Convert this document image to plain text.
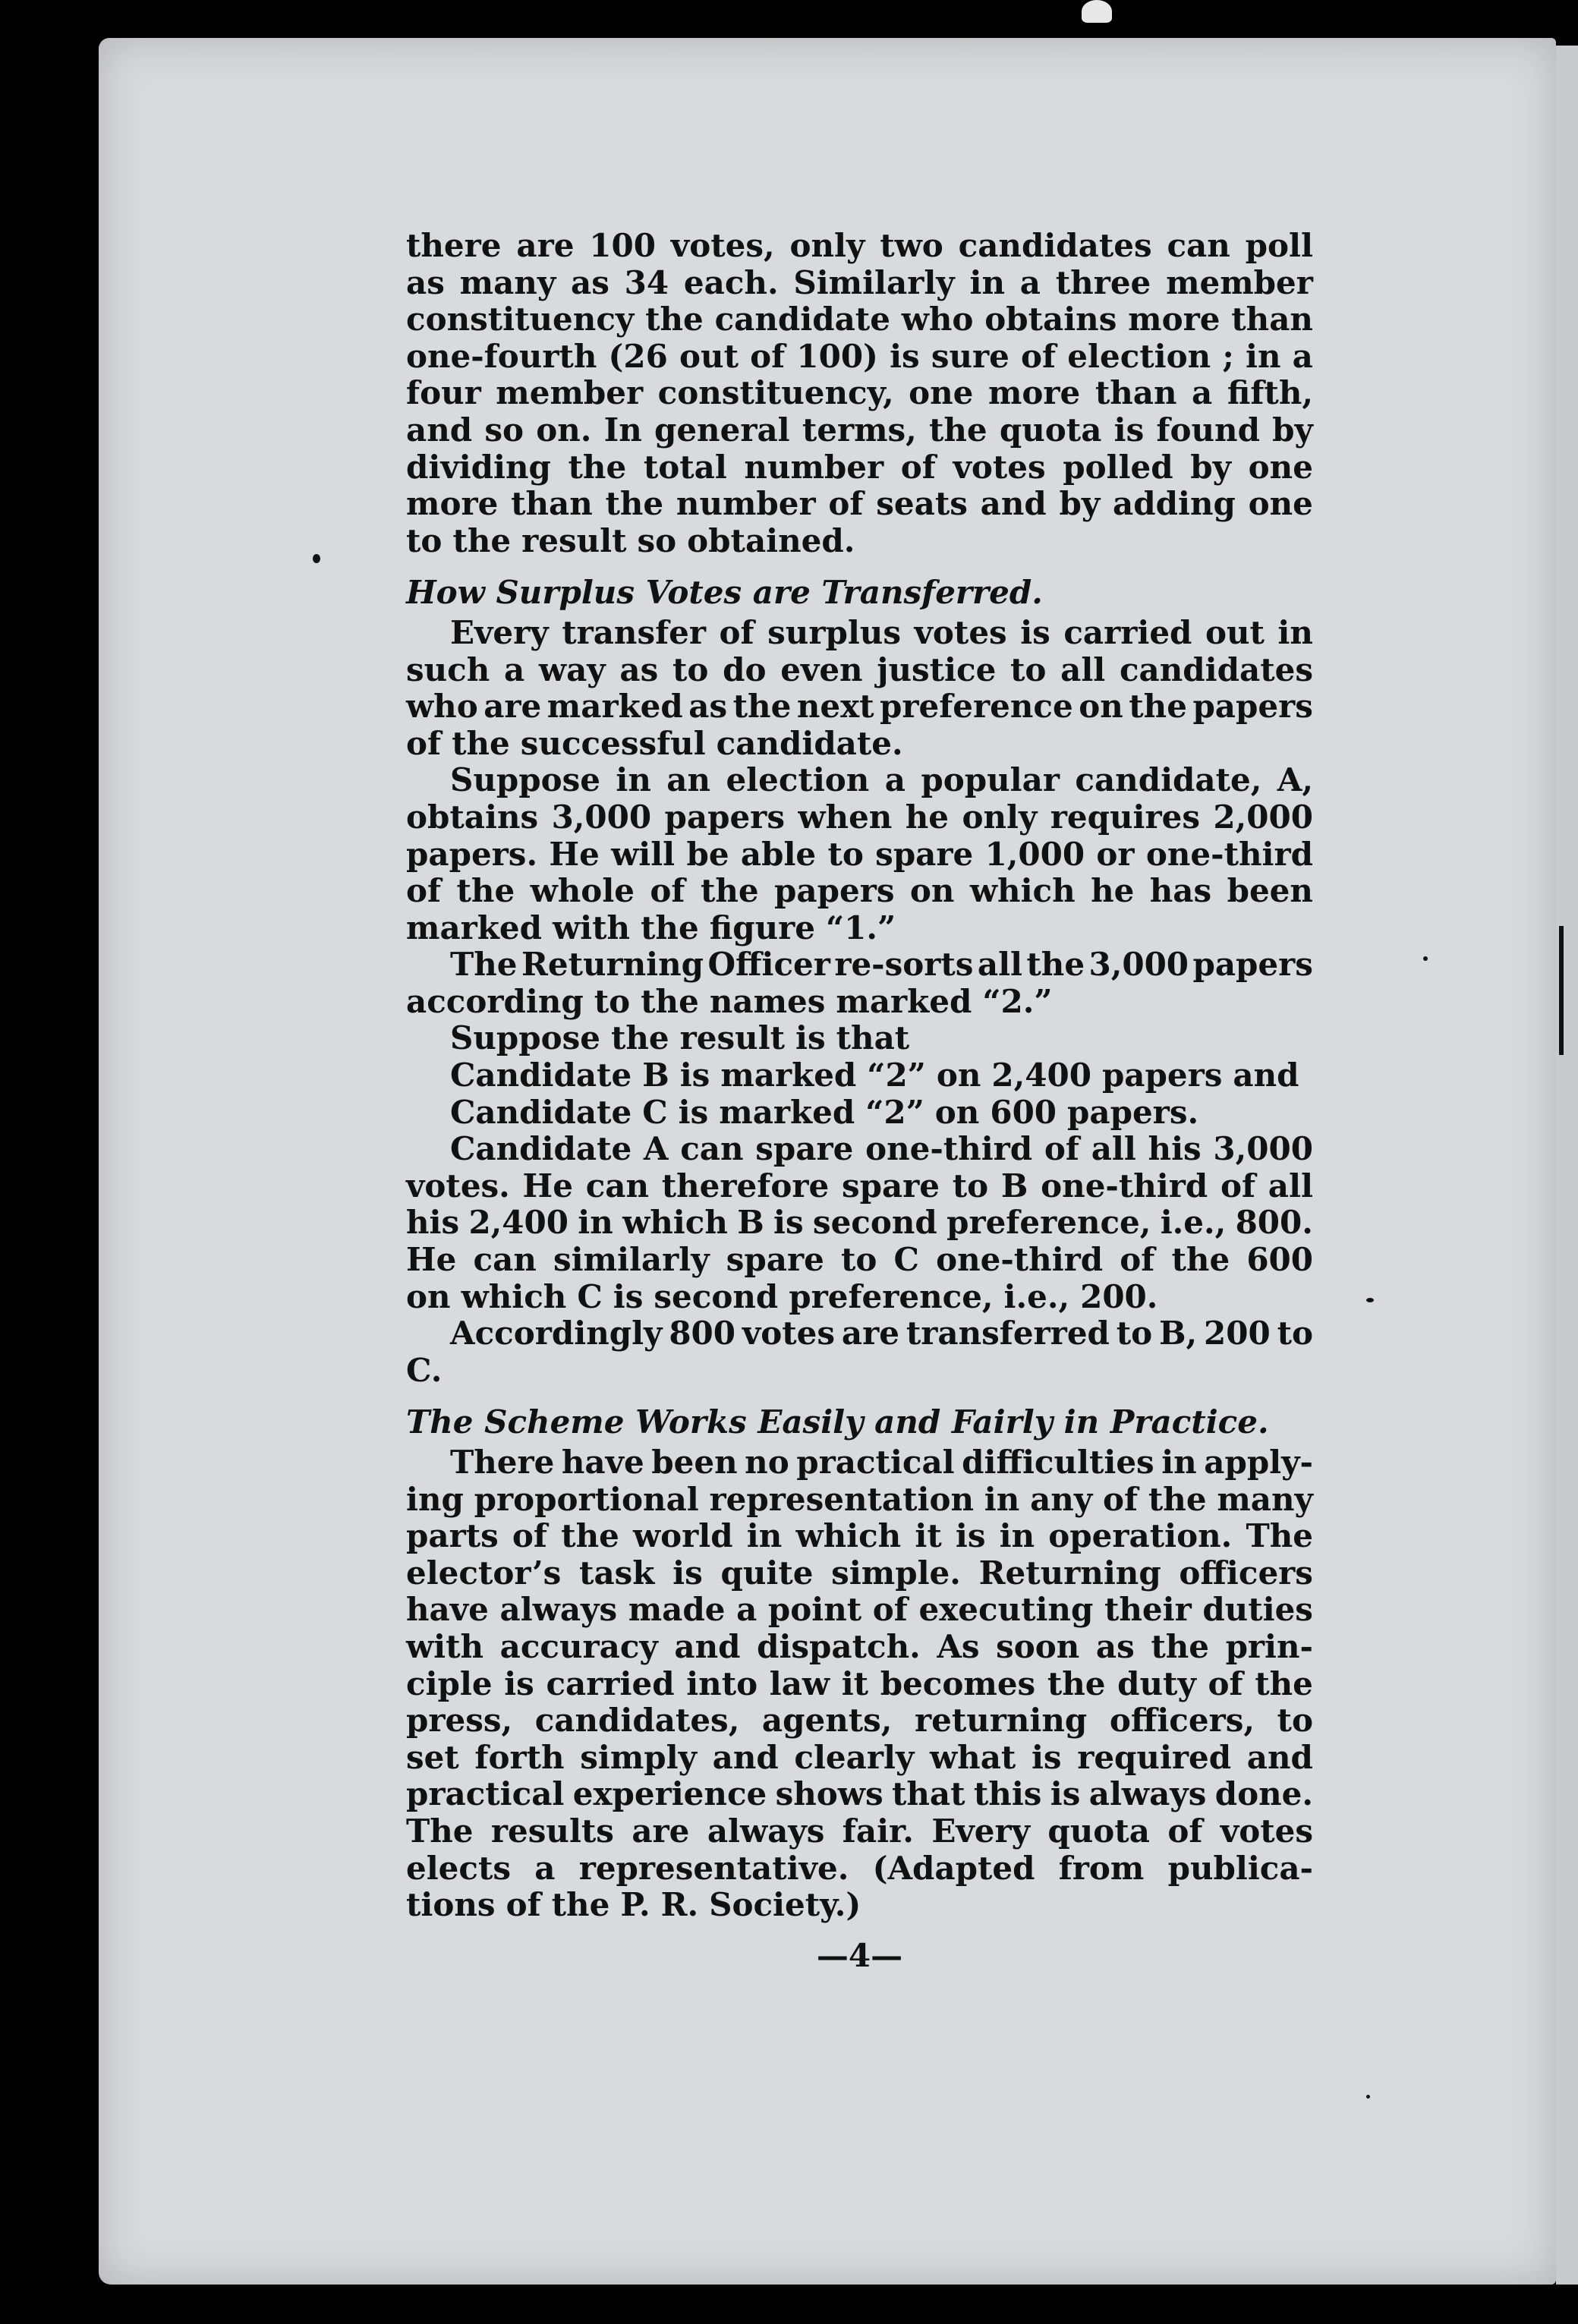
there are 100 votes, only two candidates can poll
as many as 34 each. Similarly in a three member
constituency the candidate who obtains more than
one-fourth (26 out of 100) is sure of election ; in a
four member constituency, one more than a fifth,
and so on. In general terms, the quota is found by
dividing the total number of votes polled by one
more than the number of seats and by adding one
to the result so obtained.
How Surplus Votes are Transferred.
Every transfer of surplus votes is carried out in
such a way as to do even justice to all candidates
who are marked as the next preference on the papers
of the successful candidate.
Suppose in an election a popular candidate, A,
obtains 3,000 papers when he only requires 2,000
papers. He will be able to spare 1,000 or one-third
of the whole of the papers on which he has been
marked with the figure “1.”
The Returning Officer re-sorts all the 3,000 papers
according to the names marked “2.”
Suppose the result is that
Candidate B is marked “2” on 2,400 papers and
Candidate C is marked “2” on 600 papers.
Candidate A can spare one-third of all his 3,000
votes. He can therefore spare to B one-third of all
his 2,400 in which B is second preference, i.e., 800.
He can similarly spare to C one-third of the 600
on which C is second preference, i.e., 200.
Accordingly 800 votes are transferred to B, 200 to
C.
The Scheme Works Easily and Fairly in Practice.
There have been no practical difficulties in apply-
ing proportional representation in any of the many
parts of the world in which it is in operation. The
elector’s task is quite simple. Returning officers
have always made a point of executing their duties
with accuracy and dispatch. As soon as the prin-
ciple is carried into law it becomes the duty of the
press, candidates, agents, returning officers, to
set forth simply and clearly what is required and
practical experience shows that this is always done.
The results are always fair. Every quota of votes
elects a representative. (Adapted from publica-
tions of the P. R. Society.)
—4—
